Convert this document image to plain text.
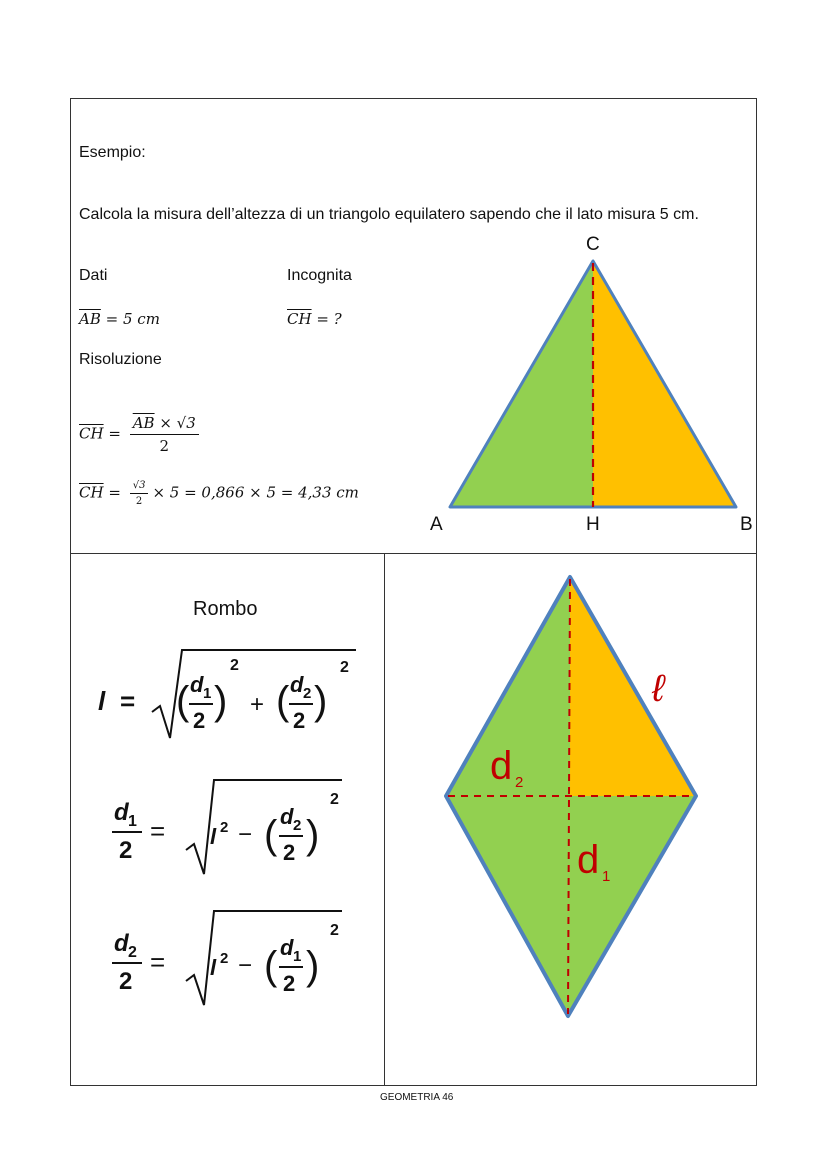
Esempio:
Calcola la misura dell’altezza di un triangolo equilatero sapendo che il lato misura 5 cm.
Dati	Incognita
$\overline{AB} = 5$ cm	$\overline{CH}$ = ?
Risoluzione
$\overline{CH} = \frac{\overline{AB} \times √3}{2}$
$\overline{CH} = \frac{√3}{2} \times 5 = 0,866 \times 5 = 4,33$ cm
C
A	H	B
Rombo
l = ( d 1
2 )
2
+ ( d 2
2 )
2
d 1
2
= l 2 − ( d 2
2 )
2
d 2
2
= l 2 − ( d 1
2 )
2
ℓ
d 2
d 1
GEOMETRIA 46
